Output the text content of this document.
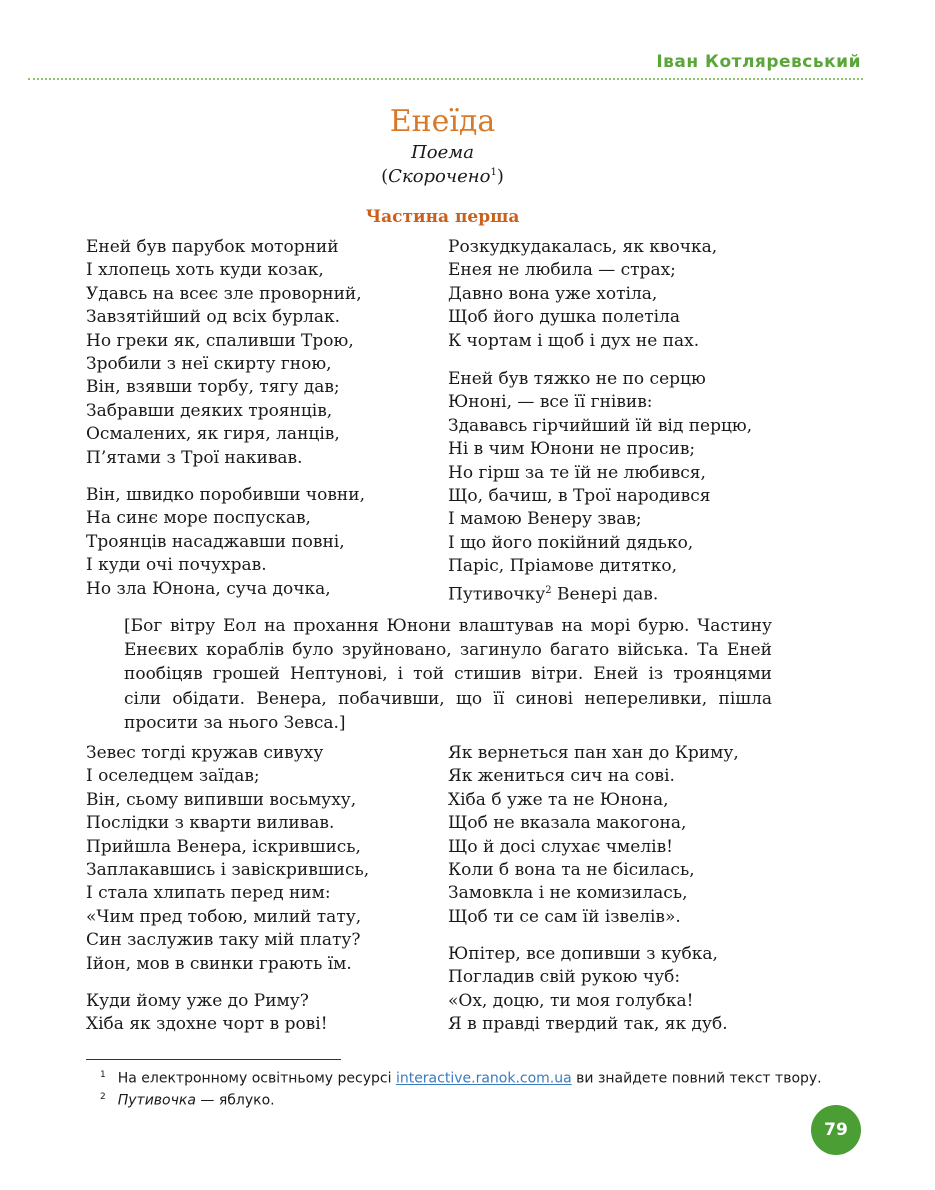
Іван Котляревський
Енеїда
Поема
(Скорочено$^1$)
Частина перша
Еней був парубок моторний
І хлопець хоть куди козак,
Удавсь на всеє зле проворний,
Завзятійший од всіх бурлак.
Но греки як, спаливши Трою,
Зробили з неї скирту гною,
Він, взявши торбу, тягу дав;
Забравши деяких троянців,
Осмалених, як гиря, ланців,
П’ятами з Трої накивав.
Він, швидко поробивши човни,
На синє море поспускав,
Троянців насаджавши повні,
І куди очі почухрав.
Но зла Юнона, суча дочка,
Розкудкудакалась, як квочка,
Енея не любила — страх;
Давно вона уже хотіла,
Щоб його душка полетіла
К чортам і щоб і дух не пах.
Еней був тяжко не по серцю
Юноні, — все її гнівив:
Здававсь гірчийший їй від перцю,
Ні в чим Юнони не просив;
Но гірш за те їй не любився,
Що, бачиш, в Трої народився
І мамою Венеру звав;
І що його покійний дядько,
Паріс, Пріамове дитятко,
Путивочку$^2$ Венері дав.
[Бог вітру Еол на прохання Юнони влаштував на морі бурю. Частину Енеєвих кораблів було зруйновано, загинуло багато війська. Та Еней пообіцяв грошей Нептунові, і той стишив вітри. Еней із троянцями сіли обідати. Венера, побачивши, що її синові непереливки, пішла просити за нього Зевса.]
Зевес тогді кружав сивуху
І оселедцем заїдав;
Він, сьому випивши восьмуху,
Послідки з кварти виливав.
Прийшла Венера, іскрившись,
Заплакавшись і завіскрившись,
І стала хлипать перед ним:
«Чим пред тобою, милий тату,
Син заслужив таку мій плату?
Ійон, мов в свинки грають їм.
Куди йому уже до Риму?
Хіба як здохне чорт в рові!
Як вернеться пан хан до Криму,
Як жениться сич на сові.
Хіба б уже та не Юнона,
Щоб не вказала макогона,
Що й досі слухає чмелів!
Коли б вона та не бісилась,
Замовкла і не комизилась,
Щоб ти се сам їй ізвелів».
Юпітер, все допивши з кубка,
Погладив свій рукою чуб:
«Ох, доцю, ти моя голубка!
Я в правді твердий так, як дуб.
$^1$ На електронному освітньому ресурсі interactive.ranok.com.ua ви знайдете повний текст твору.
$^2$ Путивочка — яблуко.
79
